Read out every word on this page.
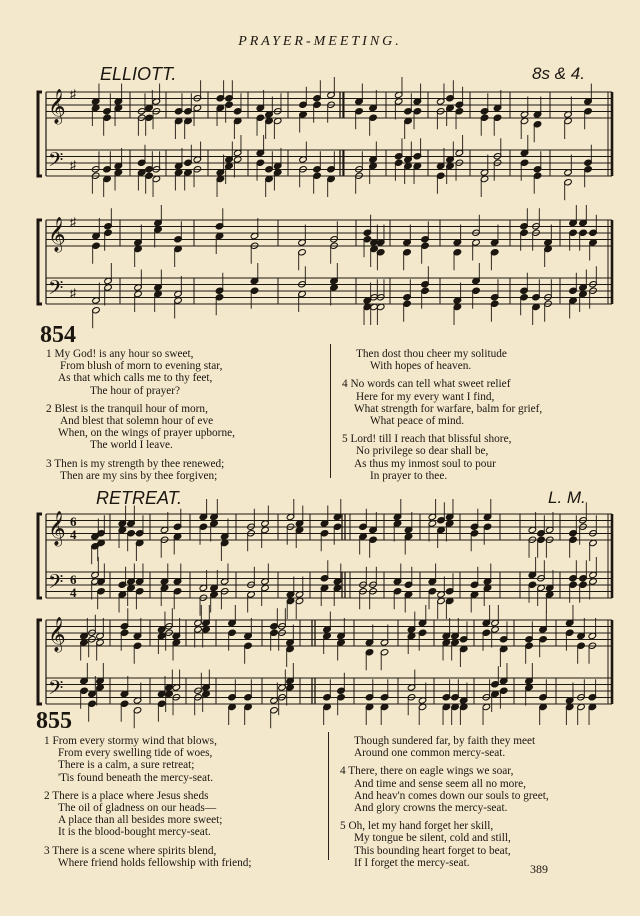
PRAYER-MEETING.
ELLIOTT.	8s & 4.
𝄞
𝄢
♯
♯
𝄞
𝄢
♯
♯
854
1 My God! is any hour so sweet,
From blush of morn to evening star,
As that which calls me to thy feet,
The hour of prayer?
2 Blest is the tranquil hour of morn,
And blest that solemn hour of eve
When, on the wings of prayer upborne,
The world I leave.
3 Then is my strength by thee renewed;
Then are my sins by thee forgiven;
Then dost thou cheer my solitude
With hopes of heaven.
4 No words can tell what sweet relief
Here for my every want I find,
What strength for warfare, balm for grief,
What peace of mind.
5 Lord! till I reach that blissful shore,
No privilege so dear shall be,
As thus my inmost soul to pour
In prayer to thee.
RETREAT.	L. M.
𝄞
𝄢
6
4
6
4
𝄞
𝄢
855
1 From every stormy wind that blows,
From every swelling tide of woes,
There is a calm, a sure retreat;
'Tis found beneath the mercy-seat.
2 There is a place where Jesus sheds
The oil of gladness on our heads—
A place than all besides more sweet;
It is the blood-bought mercy-seat.
3 There is a scene where spirits blend,
Where friend holds fellowship with friend;
Though sundered far, by faith they meet
Around one common mercy-seat.
4 There, there on eagle wings we soar,
And time and sense seem all no more,
And heav'n comes down our souls to greet,
And glory crowns the mercy-seat.
5 Oh, let my hand forget her skill,
My tongue be silent, cold and still,
This bounding heart forget to beat,
If I forget the mercy-seat.	389
